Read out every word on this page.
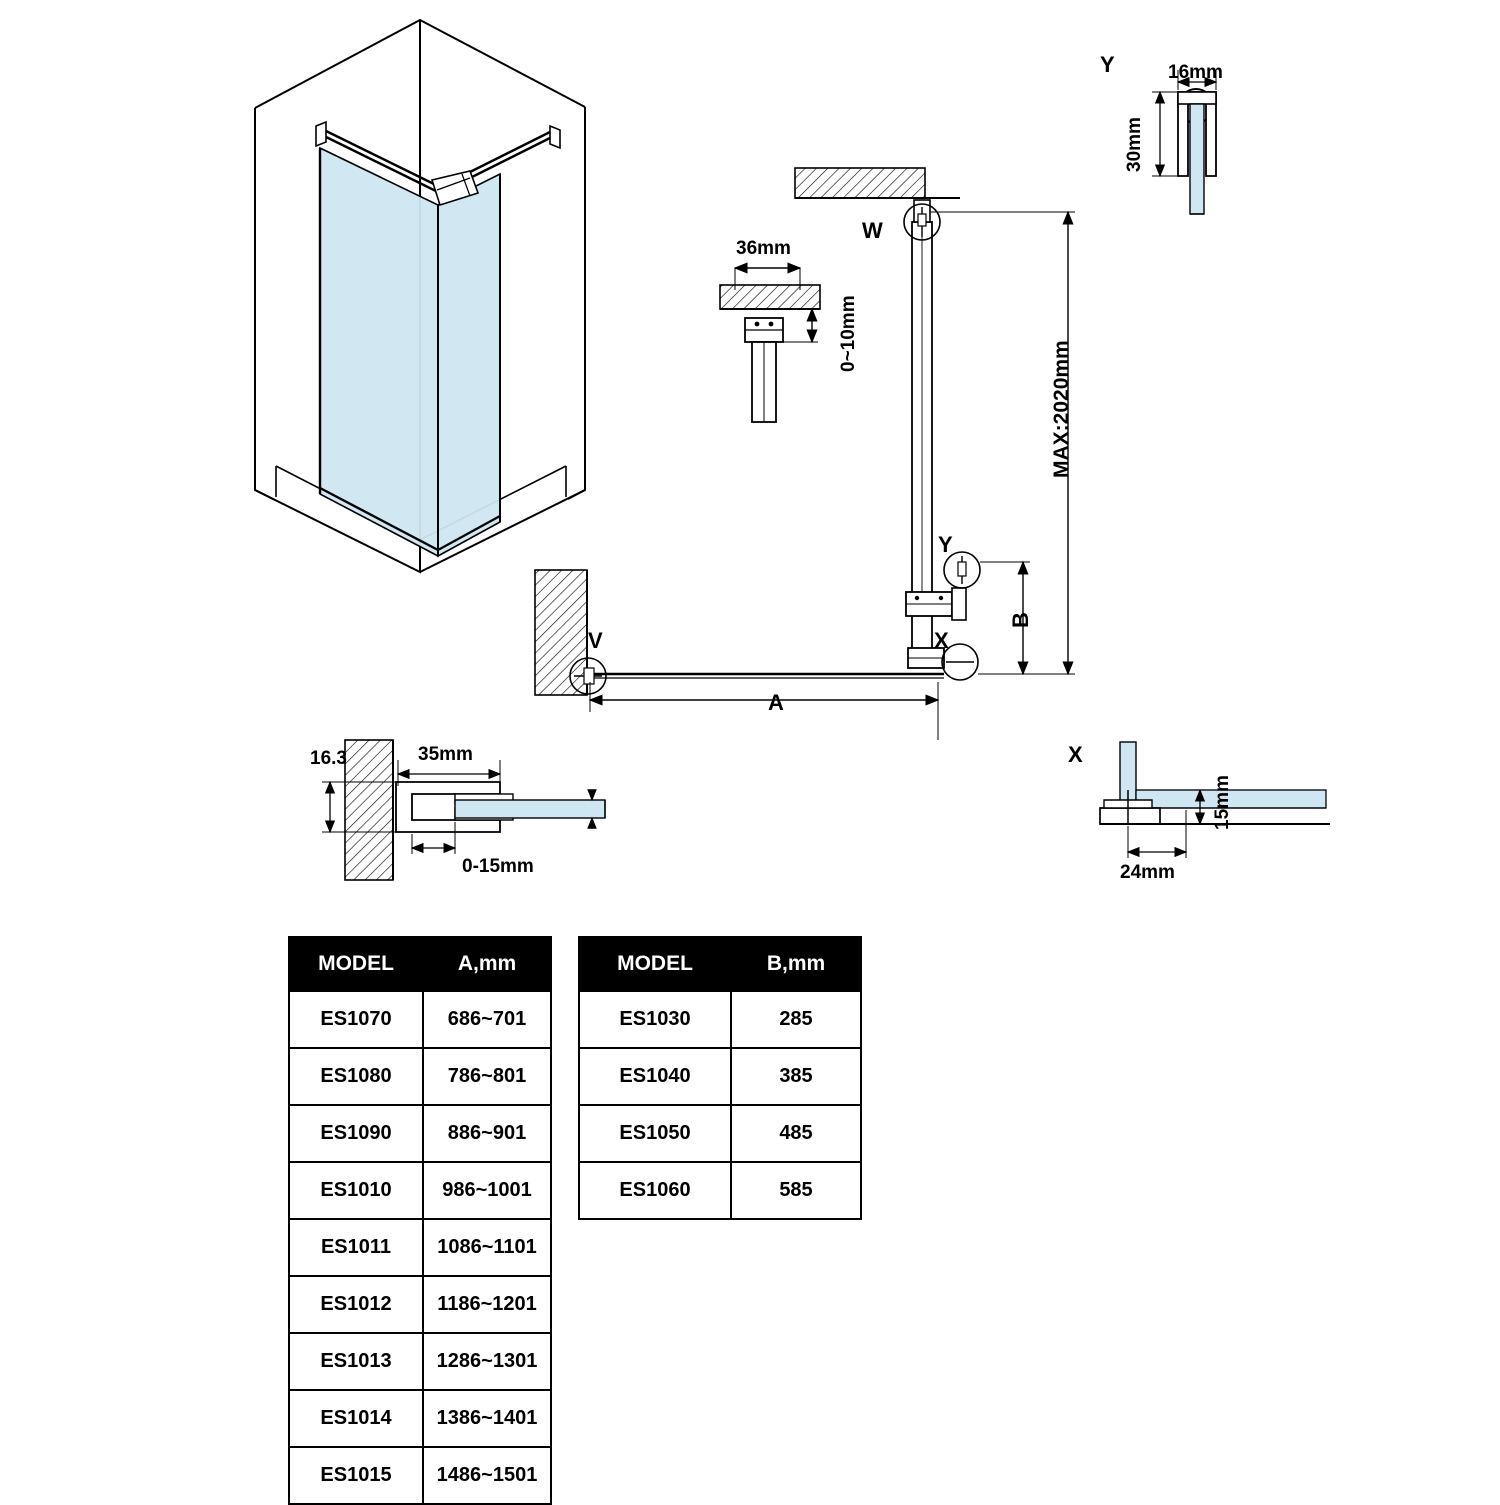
Y	16mm
30mm
36mm
0~10mm
W
Y
X
V
MAX:2020mm
B
A
35mm
16.3
0-15mm
X
15mm
24mm
MODEL	A,mm
ES1070	686~701
ES1080	786~801
ES1090	886~901
ES1010	986~1001
ES1011	1086~1101
ES1012	1186~1201
ES1013	1286~1301
ES1014	1386~1401
ES1015	1486~1501
MODEL	B,mm
ES1030	285
ES1040	385
ES1050	485
ES1060	585
